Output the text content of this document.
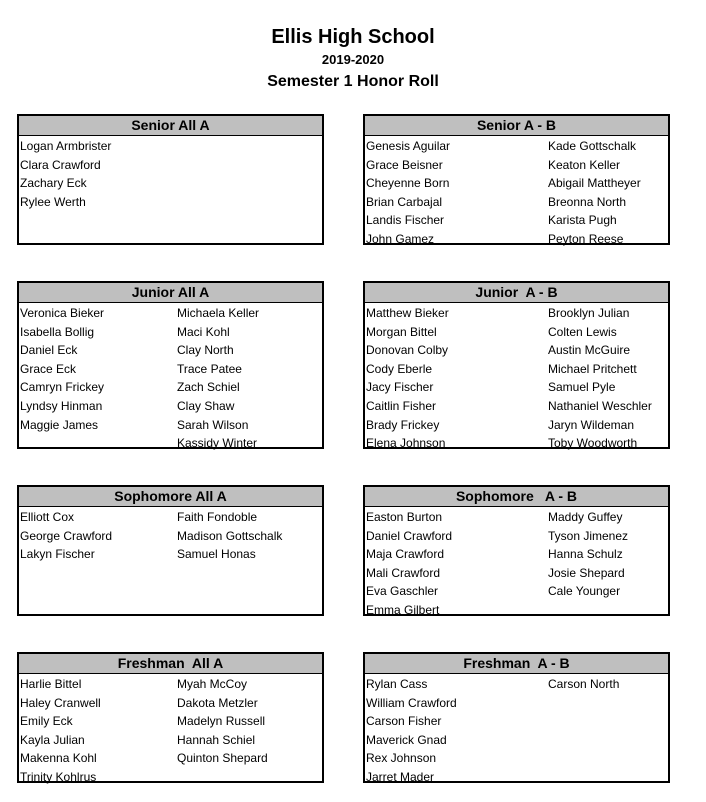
Ellis High School
2019-2020
Semester 1 Honor Roll
Senior All A
Logan Armbrister
Clara Crawford
Zachary Eck
Rylee Werth
Senior A - B
Genesis Aguilar
Grace Beisner
Cheyenne Born
Brian Carbajal
Landis Fischer
John Gamez
Kade Gottschalk
Keaton Keller
Abigail Mattheyer
Breonna North
Karista Pugh
Peyton Reese
Junior All A
Veronica Bieker
Isabella Bollig
Daniel Eck
Grace Eck
Camryn Frickey
Lyndsy Hinman
Maggie James
Michaela Keller
Maci Kohl
Clay North
Trace Patee
Zach Schiel
Clay Shaw
Sarah Wilson
Kassidy Winter
Junior  A - B
Matthew Bieker
Morgan Bittel
Donovan Colby
Cody Eberle
Jacy Fischer
Caitlin Fisher
Brady Frickey
Elena Johnson
Brooklyn Julian
Colten Lewis
Austin McGuire
Michael Pritchett
Samuel Pyle
Nathaniel Weschler
Jaryn Wildeman
Toby Woodworth
Sophomore All A
Elliott Cox
George Crawford
Lakyn Fischer
Faith Fondoble
Madison Gottschalk
Samuel Honas
Sophomore   A - B
Easton Burton
Daniel Crawford
Maja Crawford
Mali Crawford
Eva Gaschler
Emma Gilbert
Maddy Guffey
Tyson Jimenez
Hanna Schulz
Josie Shepard
Cale Younger
Freshman  All A
Harlie Bittel
Haley Cranwell
Emily Eck
Kayla Julian
Makenna Kohl
Trinity Kohlrus
Myah McCoy
Dakota Metzler
Madelyn Russell
Hannah Schiel
Quinton Shepard
Freshman  A - B
Rylan Cass
William Crawford
Carson Fisher
Maverick Gnad
Rex Johnson
Jarret Mader
Carson North
